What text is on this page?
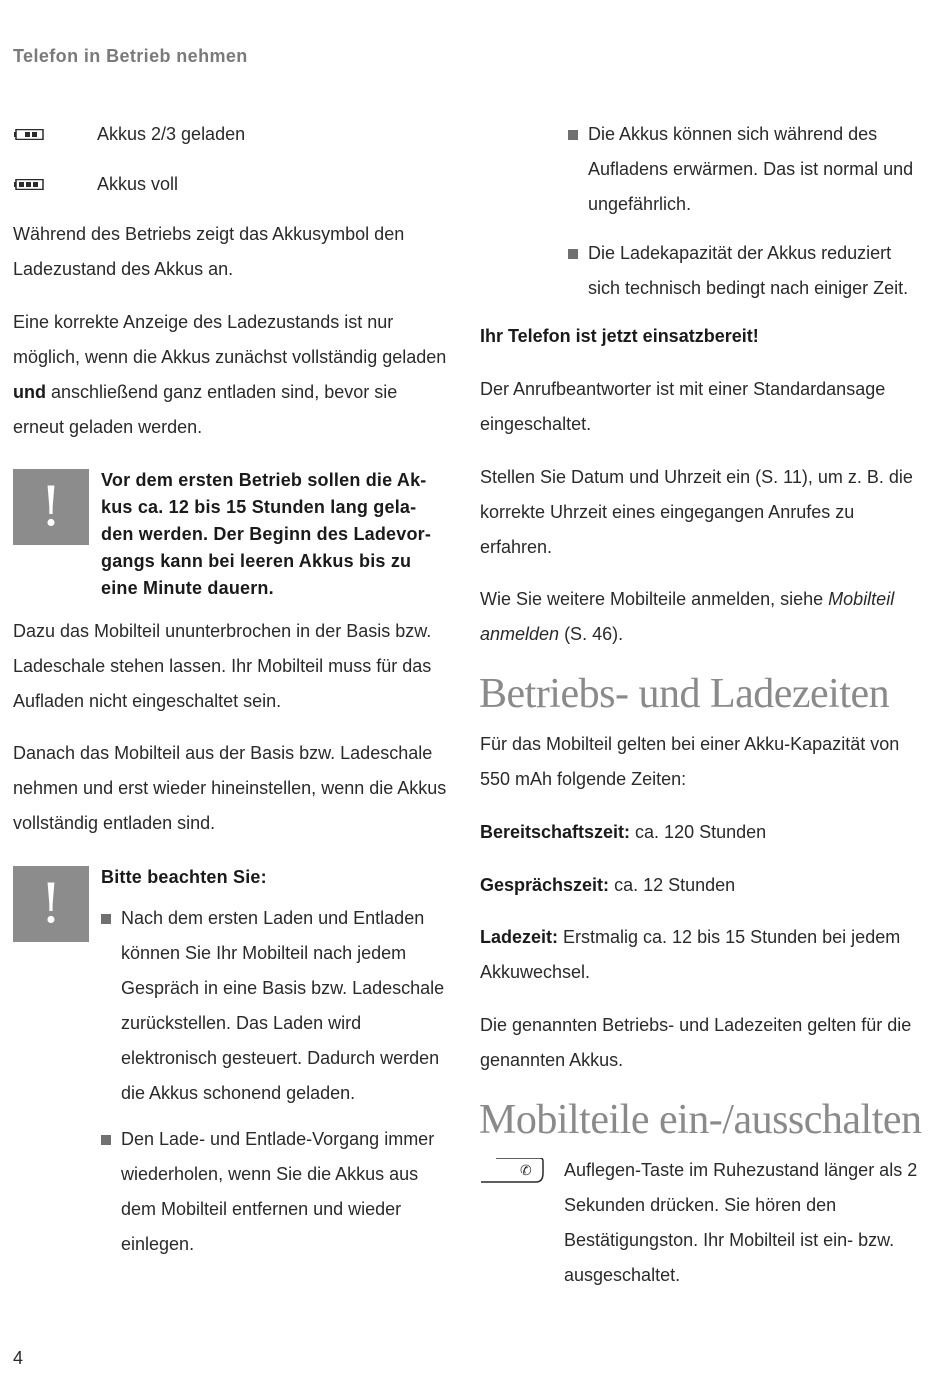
Telefon in Betrieb nehmen
Akkus 2/3 geladen
Akkus voll
Während des Betriebs zeigt das Akkusymbol den Ladezustand des Akkus an.
Eine korrekte Anzeige des Ladezustands ist nur möglich, wenn die Akkus zunächst vollständig geladen und anschließend ganz entladen sind, bevor sie erneut geladen werden.
!	Vor dem ersten Betrieb sollen die Ak-
kus ca. 12 bis 15 Stunden lang gela-
den werden. Der Beginn des Ladevor-
gangs kann bei leeren Akkus bis zu
eine Minute dauern.
Dazu das Mobilteil ununterbrochen in der Basis bzw. Ladeschale stehen lassen. Ihr Mobilteil muss für das Aufladen nicht eingeschaltet sein.
Danach das Mobilteil aus der Basis bzw. Ladeschale nehmen und erst wieder hineinstellen, wenn die Akkus vollständig entladen sind.
!	Bitte beachten Sie:
Nach dem ersten Laden und Entladen können Sie Ihr Mobilteil nach jedem Gespräch in eine Basis bzw. Ladeschale zurückstellen. Das Laden wird elektronisch gesteuert. Dadurch werden die Akkus schonend geladen.
Den Lade- und Entlade-Vorgang immer wiederholen, wenn Sie die Akkus aus dem Mobilteil entfernen und wieder einlegen.
Die Akkus können sich während des Aufladens erwärmen. Das ist normal und ungefährlich.
Die Ladekapazität der Akkus reduziert sich technisch bedingt nach einiger Zeit.
Ihr Telefon ist jetzt einsatzbereit!
Der Anrufbeantworter ist mit einer Standardansage eingeschaltet.
Stellen Sie Datum und Uhrzeit ein (S. 11), um z. B. die korrekte Uhrzeit eines eingegangen Anrufes zu erfahren.
Wie Sie weitere Mobilteile anmelden, siehe Mobilteil anmelden (S. 46).
Betriebs- und Ladezeiten
Für das Mobilteil gelten bei einer Akku-Kapazität von 550 mAh folgende Zeiten:
Bereitschaftszeit: ca. 120 Stunden
Gesprächszeit: ca. 12 Stunden
Ladezeit: Erstmalig ca. 12 bis 15 Stunden bei jedem Akkuwechsel.
Die genannten Betriebs- und Ladezeiten gelten für die genannten Akkus.
Mobilteile ein-/ausschalten
✆ Auflegen-Taste im Ruhezustand länger als 2 Sekunden drücken. Sie hören den Bestätigungston. Ihr Mobilteil ist ein- bzw. ausgeschaltet.
4
